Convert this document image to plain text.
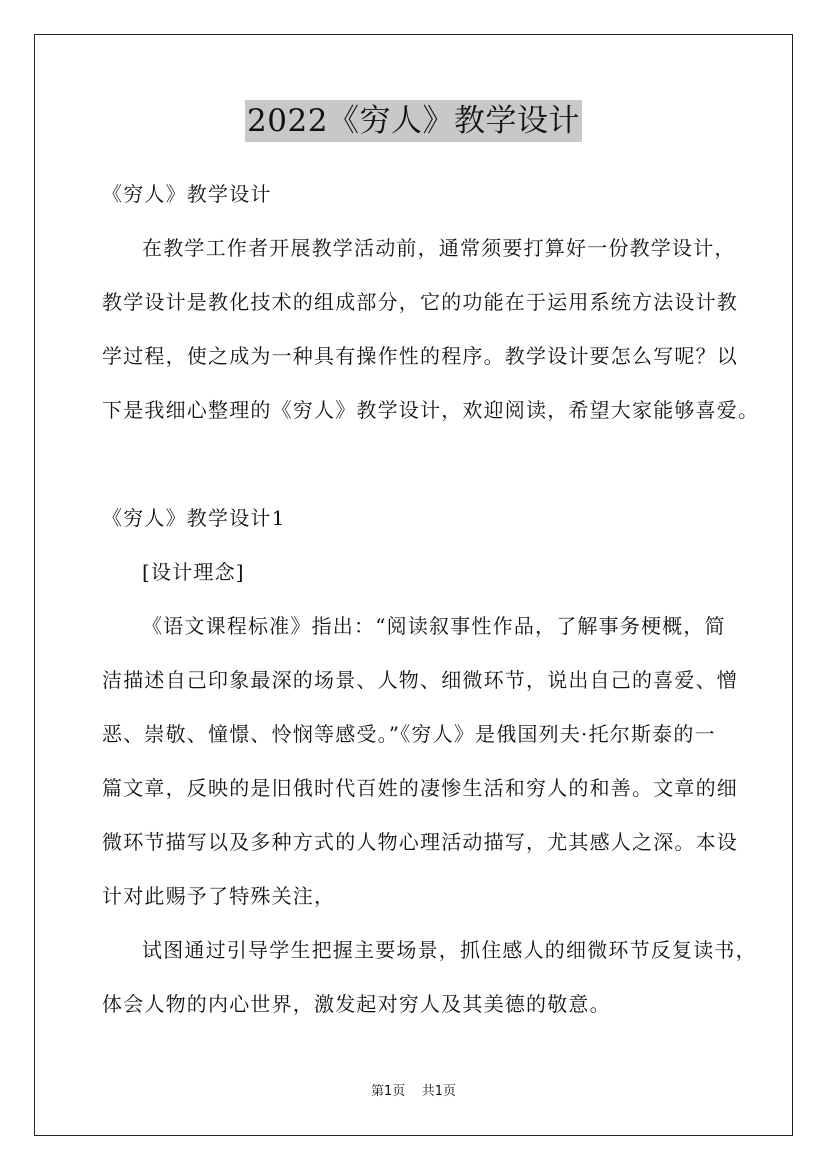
2022《穷人》教学设计
《穷人》教学设计
在教学工作者开展教学活动前，通常须要打算好一份教学设计，
教学设计是教化技术的组成部分，它的功能在于运用系统方法设计教
学过程，使之成为一种具有操作性的程序。教学设计要怎么写呢？以
下是我细心整理的《穷人》教学设计，欢迎阅读，希望大家能够喜爱。
《穷人》教学设计1
[设计理念]
《语文课程标准》指出：“阅读叙事性作品，了解事务梗概，简
洁描述自己印象最深的场景、人物、细微环节，说出自己的喜爱、憎
恶、崇敬、憧憬、怜悯等感受。”《穷人》是俄国列夫·托尔斯泰的一
篇文章，反映的是旧俄时代百姓的凄惨生活和穷人的和善。文章的细
微环节描写以及多种方式的人物心理活动描写，尤其感人之深。本设
计对此赐予了特殊关注，
试图通过引导学生把握主要场景，抓住感人的细微环节反复读书，
体会人物的内心世界，激发起对穷人及其美德的敬意。
第1页 共1页
